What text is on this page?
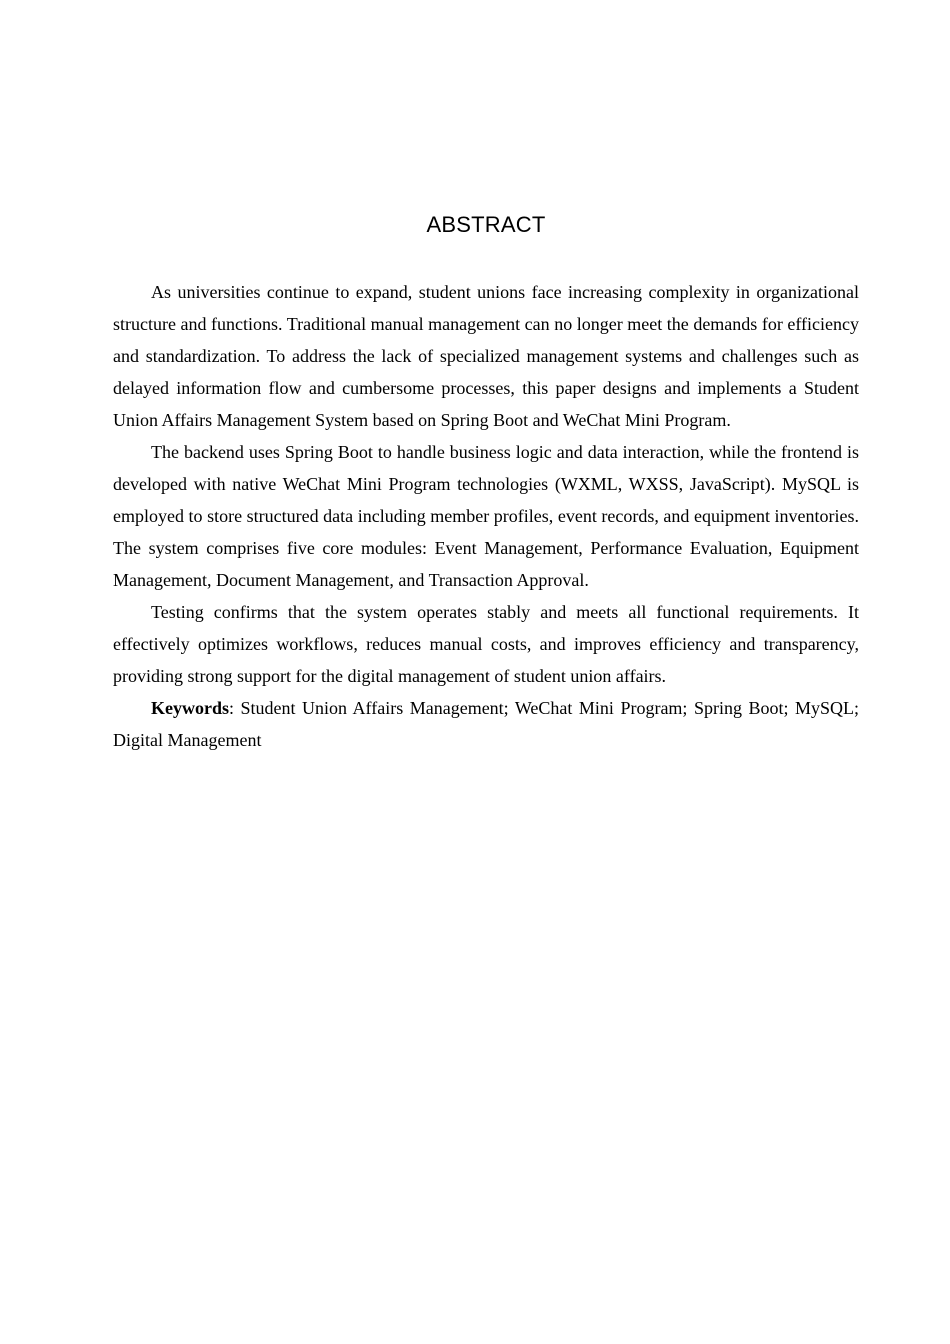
ABSTRACT

As universities continue to expand, student unions face increasing complexity in organizational structure and functions. Traditional manual management can no longer meet the demands for efficiency and standardization. To address the lack of specialized management systems and challenges such as delayed information flow and cumbersome processes, this paper designs and implements a Student Union Affairs Management System based on Spring Boot and WeChat Mini Program.

The backend uses Spring Boot to handle business logic and data interaction, while the frontend is developed with native WeChat Mini Program technologies (WXML, WXSS, JavaScript). MySQL is employed to store structured data including member profiles, event records, and equipment inventories. The system comprises five core modules: Event Management, Performance Evaluation, Equipment Management, Document Management, and Transaction Approval.

Testing confirms that the system operates stably and meets all functional requirements. It effectively optimizes workflows, reduces manual costs, and improves efficiency and transparency, providing strong support for the digital management of student union affairs.

Keywords: Student Union Affairs Management; WeChat Mini Program; Spring Boot; MySQL; Digital Management
